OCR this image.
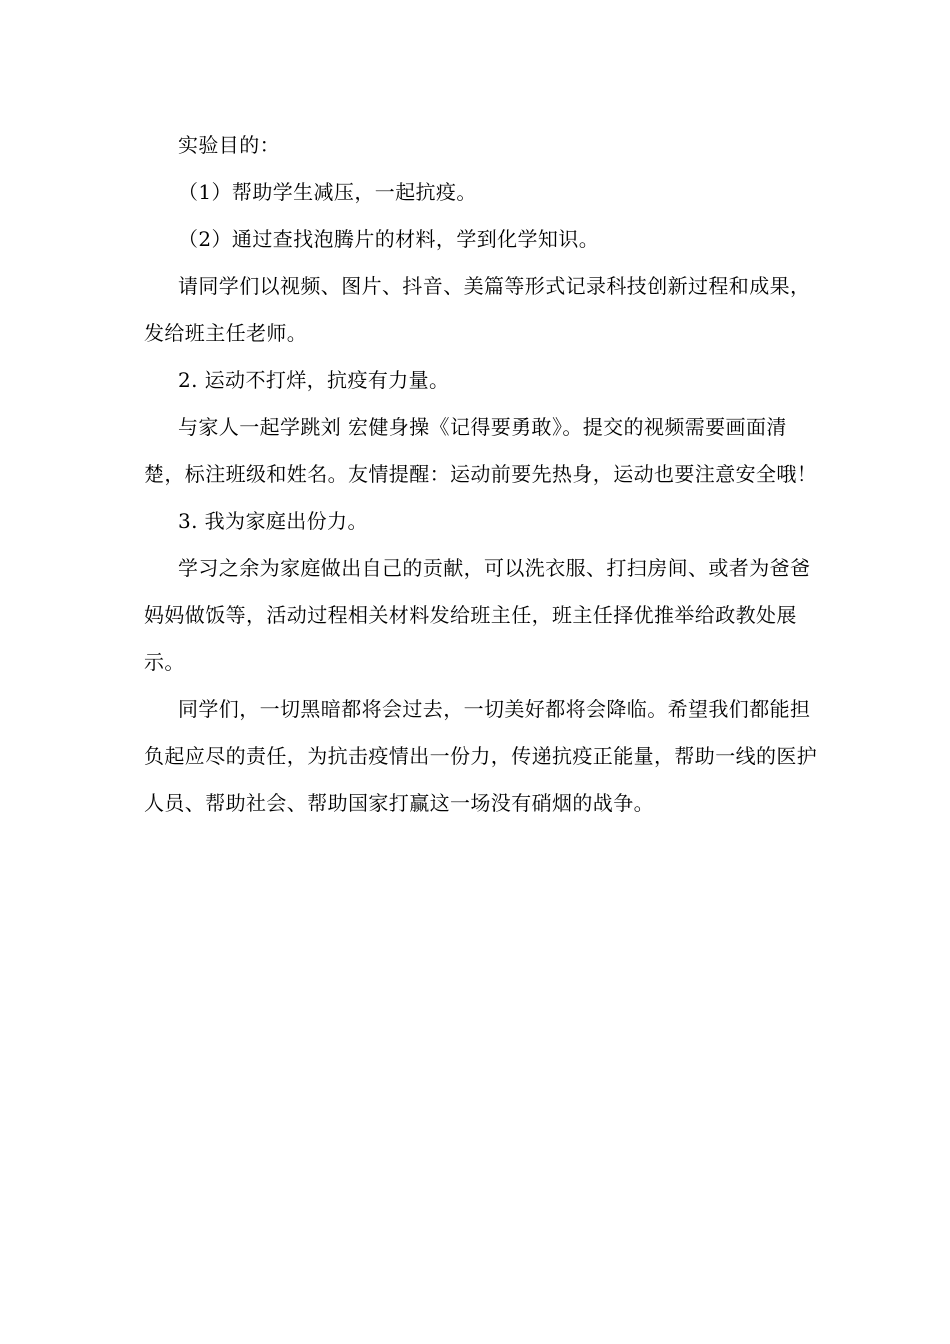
实验目的：

（1）帮助学生减压，一起抗疫。

（2）通过查找泡腾片的材料，学到化学知识。

请同学们以视频、图片、抖音、美篇等形式记录科技创新过程和成果，发给班主任老师。

2. 运动不打烊，抗疫有力量。

与家人一起学跳刘 宏健身操《记得要勇敢》。提交的视频需要画面清楚，标注班级和姓名。友情提醒：运动前要先热身，运动也要注意安全哦！

3. 我为家庭出份力。

学习之余为家庭做出自己的贡献，可以洗衣服、打扫房间、或者为爸爸妈妈做饭等，活动过程相关材料发给班主任，班主任择优推举给政教处展示。

同学们，一切黑暗都将会过去，一切美好都将会降临。希望我们都能担负起应尽的责任，为抗击疫情出一份力，传递抗疫正能量，帮助一线的医护人员、帮助社会、帮助国家打赢这一场没有硝烟的战争。
